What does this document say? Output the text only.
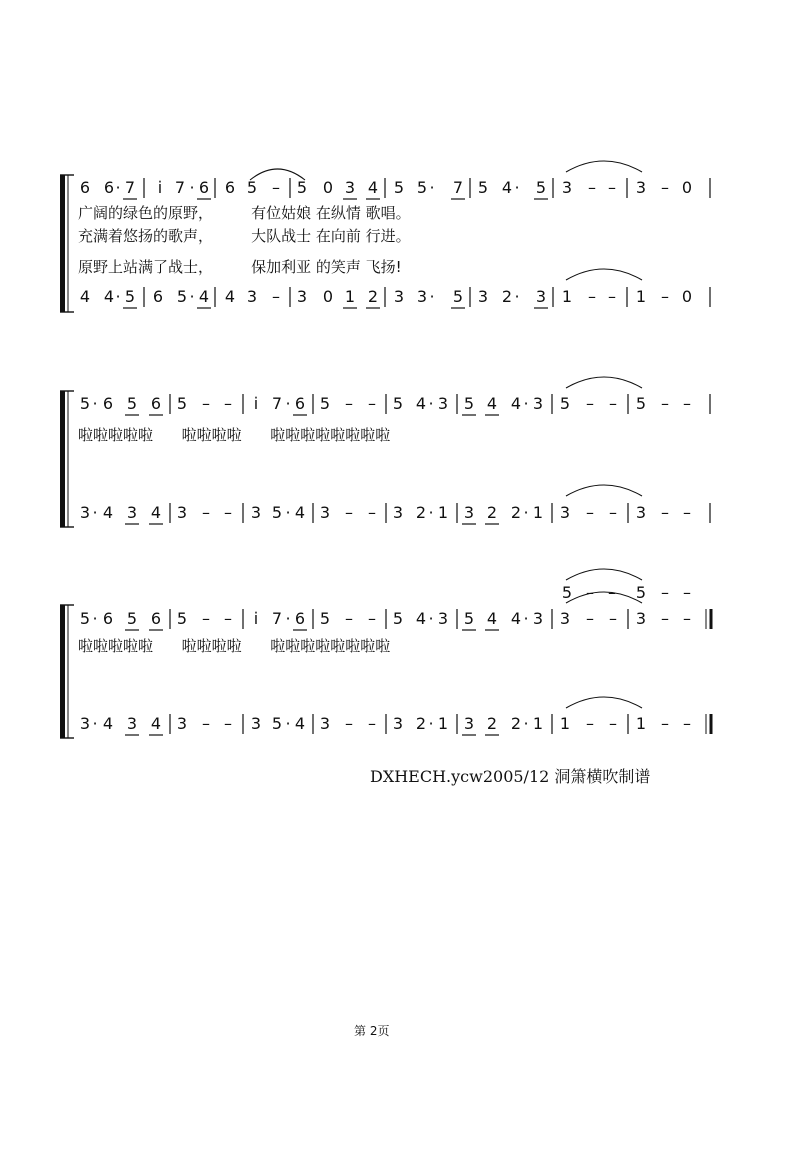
6 6 · 7 i̇ 7 · 6 6 5 – 5 0 3 4 5 5 · 7 5 4 · 5 3 – – 3 – 0
4 4 · 5 6 5 · 4 4 3 – 3 0 1 2 3 3 · 5 3 2 · 3 1 – – 1 – 0
广阔的绿色的原野，        有位姑娘 在纵情 歌唱。
充满着悠扬的歌声，        大队战士 在向前 行进。
原野上站满了战士，        保加利亚 的笑声 飞扬!
5 · 6 5 6 5 – – i̇ 7 · 6 5 – – 5 4 · 3 5 4 4 · 3 5 – – 5 – –
3 · 4 3 4 3 – – 3 5 · 4 3 – – 3 2 · 1 3 2 2 · 1 3 – – 3 – –
啦啦啦啦啦      啦啦啦啦      啦啦啦啦啦啦啦啦
5 – – 5 – –
5 · 6 5 6 5 – – i̇ 7 · 6 5 – – 5 4 · 3 5 4 4 · 3 3 – – 3 – –
3 · 4 3 4 3 – – 3 5 · 4 3 – – 3 2 · 1 3 2 2 · 1 1 – – 1 – –
啦啦啦啦啦      啦啦啦啦      啦啦啦啦啦啦啦啦
DXHECH.ycw2005/12 洞箫横吹制谱
第 2页
